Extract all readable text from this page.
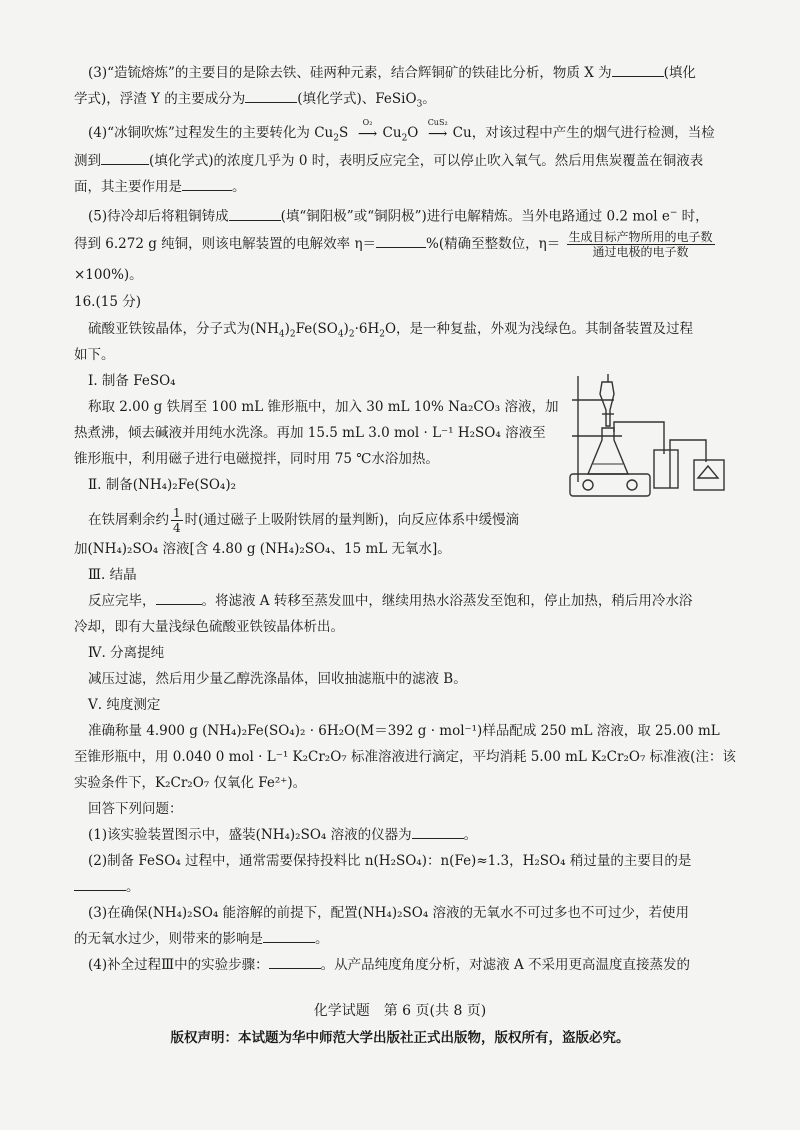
(3)“造锍熔炼”的主要目的是除去铁、硅两种元素，结合辉铜矿的铁硅比分析，物质 X 为	(填化
学式)，浮渣 Y 的主要成分为	(填化学式)、FeSiO$_3$。
(4)“冰铜吹炼”过程发生的主要转化为 $Cu_2S$
O₂
⟶ $Cu_2O$
CuS₂
⟶ Cu，对该过程中产生的烟气进行检测，当检
测到	(填化学式)的浓度几乎为 0 时，表明反应完全，可以停止吹入氧气。然后用焦炭覆盖在铜液表
面，其主要作用是	。
(5)待冷却后将粗铜铸成	(填“铜阳极”或“铜阴极”)进行电解精炼。当外电路通过 0.2 mol e− 时，
得到 6.272 g 纯铜，则该电解装置的电解效率 η＝	%(精确至整数位，$\eta= \frac{\text{生成目标产物所用的电子数}}{\text{通过电极的电子数}}$
×100%)。
16.(15 分)
硫酸亚铁铵晶体，分子式为$(NH_4)_2Fe(SO_4)_2\cdot 6H_2O$，是一种复盐，外观为浅绿色。其制备装置及过程
如下。
Ⅰ. 制备 FeSO₄
称取 2.00 g 铁屑至 100 mL 锥形瓶中，加入 30 mL 10% Na₂CO₃ 溶液，加
热煮沸，倾去碱液并用纯水洗涤。再加 15.5 mL 3.0 mol · L⁻¹ H₂SO₄ 溶液至
锥形瓶中，利用磁子进行电磁搅拌，同时用 75 ℃水浴加热。
Ⅱ. 制备(NH₄)₂Fe(SO₄)₂
在铁屑剩余约 $\frac{1}{4}$ 时(通过磁子上吸附铁屑的量判断)，向反应体系中缓慢滴
加(NH₄)₂SO₄ 溶液[含 4.80 g (NH₄)₂SO₄、15 mL 无氧水]。
Ⅲ. 结晶
反应完毕，	。将滤液 A 转移至蒸发皿中，继续用热水浴蒸发至饱和，停止加热，稍后用冷水浴
冷却，即有大量浅绿色硫酸亚铁铵晶体析出。
Ⅳ. 分离提纯
减压过滤，然后用少量乙醇洗涤晶体，回收抽滤瓶中的滤液 B。
Ⅴ. 纯度测定
准确称量 4.900 g (NH₄)₂Fe(SO₄)₂ · 6H₂O(M＝392 g · mol⁻¹)样品配成 250 mL 溶液，取 25.00 mL
至锥形瓶中，用 0.040 0 mol · L⁻¹ K₂Cr₂O₇ 标准溶液进行滴定，平均消耗 5.00 mL K₂Cr₂O₇ 标准液(注：该
实验条件下，K₂Cr₂O₇ 仅氧化 Fe²⁺)。
回答下列问题：
(1)该实验装置图示中，盛装(NH₄)₂SO₄ 溶液的仪器为	。
(2)制备 FeSO₄ 过程中，通常需要保持投料比 n(H₂SO₄)：n(Fe)≈1.3，H₂SO₄ 稍过量的主要目的是
。
(3)在确保(NH₄)₂SO₄ 能溶解的前提下，配置(NH₄)₂SO₄ 溶液的无氧水不可过多也不可过少，若使用
的无氧水过少，则带来的影响是	。
(4)补全过程Ⅲ中的实验步骤：	。从产品纯度角度分析，对滤液 A 不采用更高温度直接蒸发的
化学试题　第 6 页(共 8 页)
版权声明：本试题为华中师范大学出版社正式出版物，版权所有，盗版必究。
